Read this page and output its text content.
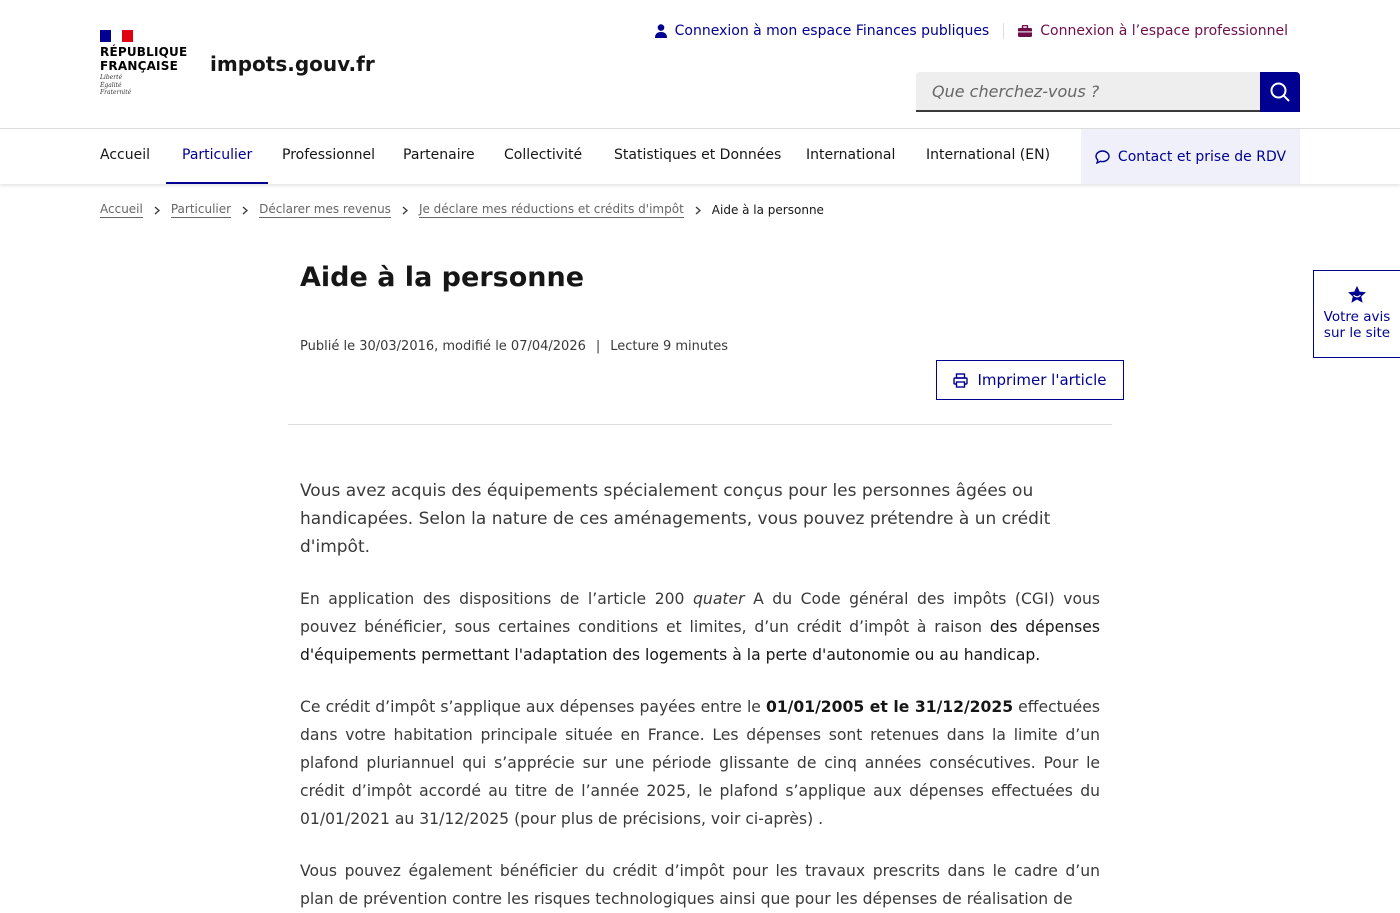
RÉPUBLIQUE
FRANÇAISE
Liberté
Égalité
Fraternité
impots.gouv.fr
Connexion à mon espace Finances publiques	Connexion à l’espace professionnel
Que cherchez-vous ?
Accueil	Particulier	Professionnel Partenaire Collectivité Statistiques et Données International International (EN)	Contact et prise de RDV
Accueil Particulier Déclarer mes revenus Je déclare mes réductions et crédits d'impôt Aide à la personne
Aide à la personne
Publié le 30/03/2016, modifié le 07/04/2026 | Lecture 9 minutes
Imprimer l'article

Vous avez acquis des équipements spécialement conçus pour les personnes âgées ou handicapées. Selon la nature de ces aménagements, vous pouvez prétendre à un crédit d'impôt.

En application des dispositions de l’article 200 quater A du Code général des impôts (CGI) vous pouvez bénéficier, sous certaines conditions et limites, d’un crédit d’impôt à raison des dépenses d'équipements permettant l'adaptation des logements à la perte d'autonomie ou au handicap.

Ce crédit d’impôt s’applique aux dépenses payées entre le 01/01/2005 et le 31/12/2025 effectuées dans votre habitation principale située en France. Les dépenses sont retenues dans la limite d’un plafond pluriannuel qui s’apprécie sur une période glissante de cinq années consécutives. Pour le crédit d’impôt accordé au titre de l’année 2025, le plafond s’applique aux dépenses effectuées du 01/01/2021 au 31/12/2025 (pour plus de précisions, voir ci-après) .

Vous pouvez également bénéficier du crédit d’impôt pour les travaux prescrits dans le cadre d’un plan de prévention contre les risques technologiques ainsi que pour les dépenses de réalisation de

Votre avis
sur le site
